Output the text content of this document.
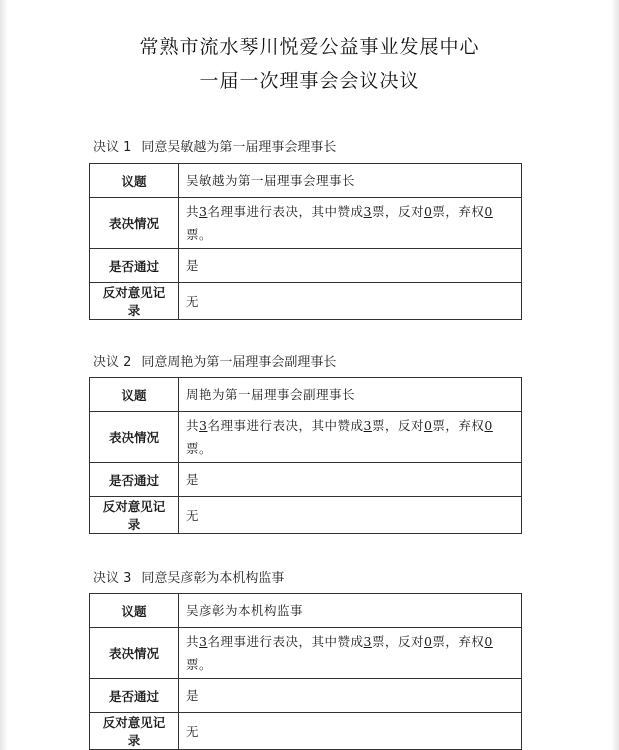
常熟市流水琴川悦爱公益事业发展中心
一届一次理事会会议决议
决议 1 同意吴敏越为第一届理事会理事长
议题	吴敏越为第一届理事会理事长
表决情况	共3名理事进行表决，其中赞成3票，反对0票，弃权0票。
是否通过	是
反对意见记录	无
决议 2 同意周艳为第一届理事会副理事长
议题	周艳为第一届理事会副理事长
表决情况	共3名理事进行表决，其中赞成3票，反对0票，弃权0票。
是否通过	是
反对意见记录	无
决议 3 同意吴彦彰为本机构监事
议题	吴彦彰为本机构监事
表决情况	共3名理事进行表决，其中赞成3票，反对0票，弃权0票。
是否通过	是
反对意见记录	无
